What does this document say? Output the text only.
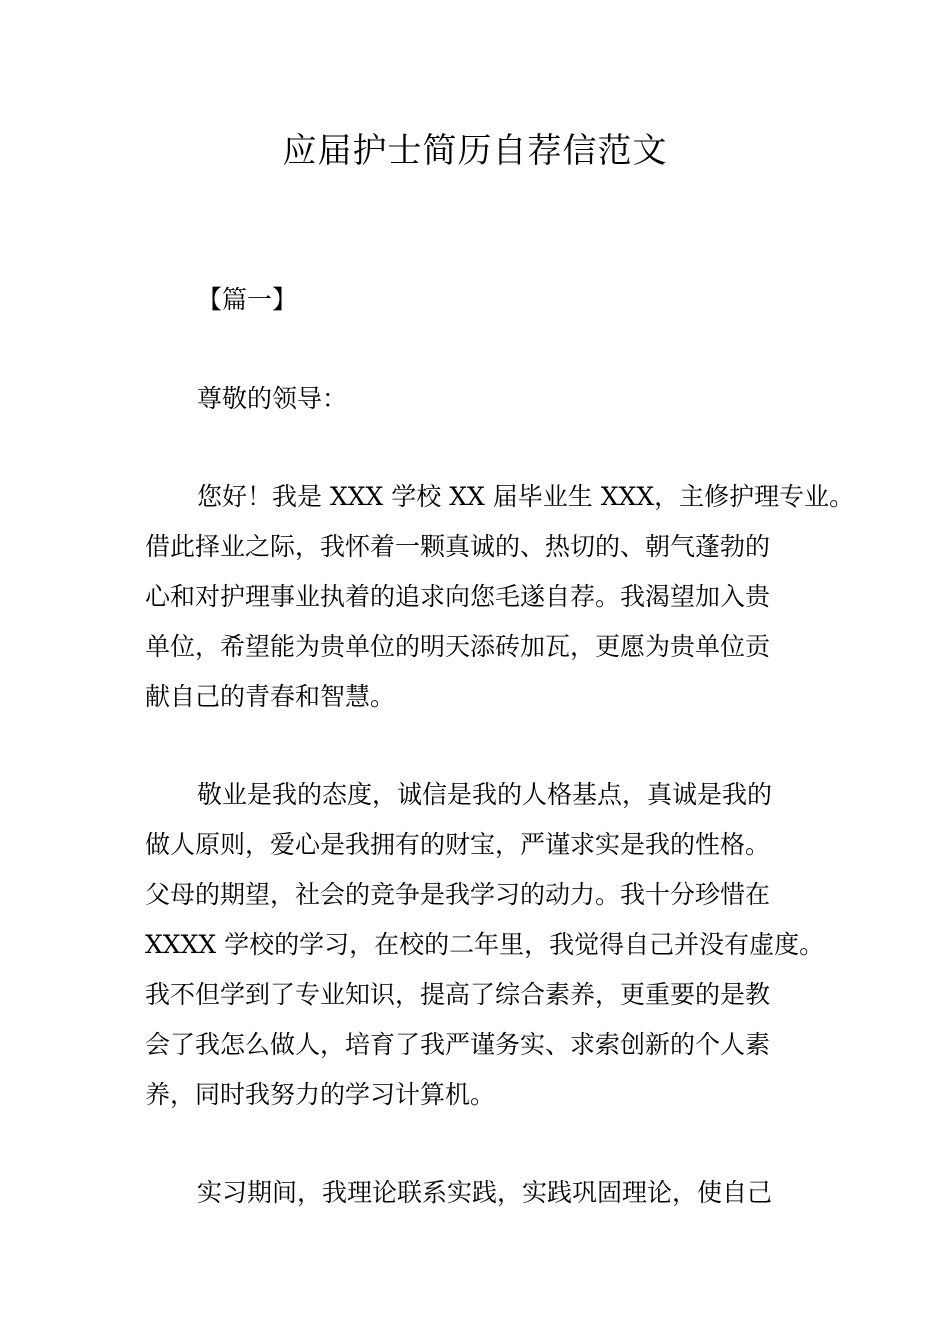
应届护士简历自荐信范文

【篇一】

尊敬的领导：

您好！我是 XXX 学校 XX 届毕业生 XXX，主修护理专业。

借此择业之际，我怀着一颗真诚的、热切的、朝气蓬勃的

心和对护理事业执着的追求向您毛遂自荐。我渴望加入贵

单位，希望能为贵单位的明天添砖加瓦，更愿为贵单位贡

献自己的青春和智慧。

敬业是我的态度，诚信是我的人格基点，真诚是我的

做人原则，爱心是我拥有的财宝，严谨求实是我的性格。

父母的期望，社会的竞争是我学习的动力。我十分珍惜在

XXXX 学校的学习，在校的二年里，我觉得自己并没有虚度。

我不但学到了专业知识，提高了综合素养，更重要的是教

会了我怎么做人，培育了我严谨务实、求索创新的个人素

养，同时我努力的学习计算机。

实习期间，我理论联系实践，实践巩固理论，使自己
